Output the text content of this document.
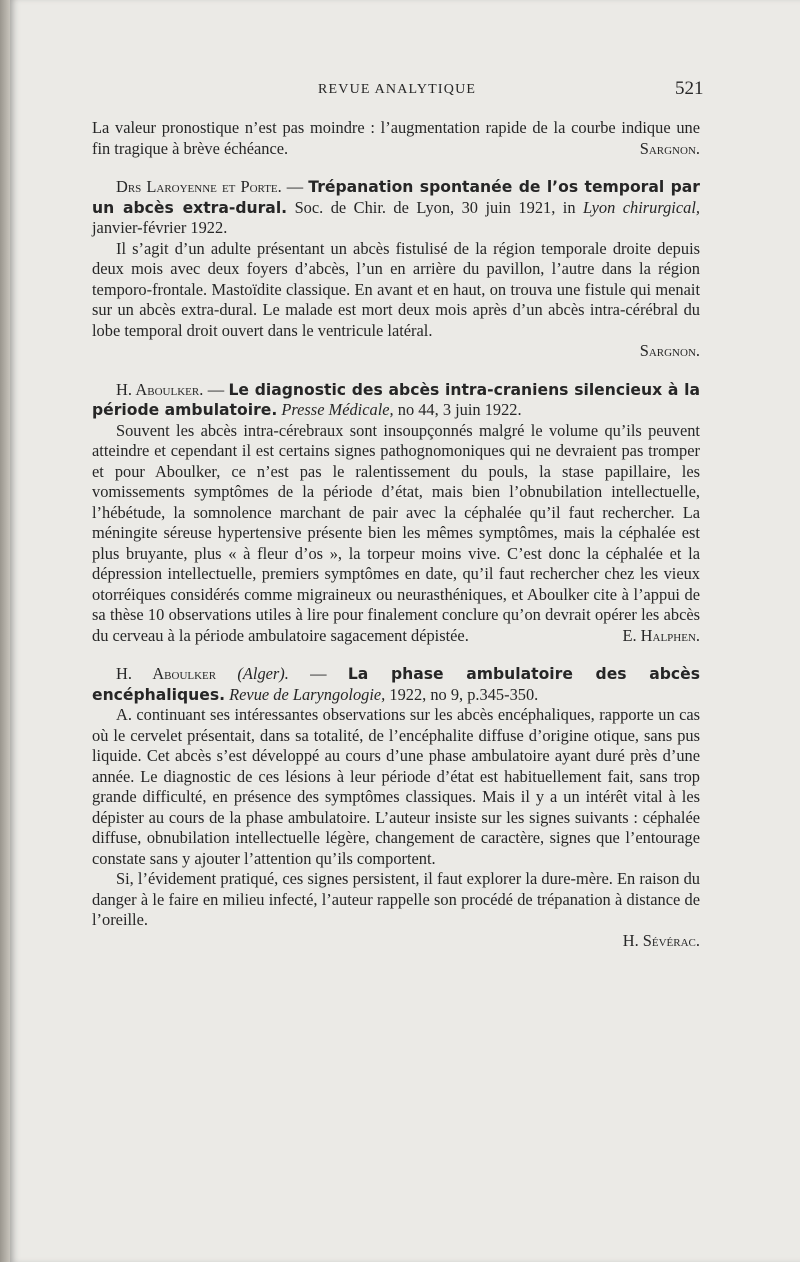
REVUE ANALYTIQUE	521

La valeur pronostique n’est pas moindre : l’augmentation rapide de la courbe indique une fin tragique à brève échéance.	Sargnon.

Drs Laroyenne et Porte. — Trépanation spontanée de l’os temporal par un abcès extra-dural. Soc. de Chir. de Lyon, 30 juin 1921, in Lyon chirurgical, janvier-février 1922.

Il s’agit d’un adulte présentant un abcès fistulisé de la région temporale droite depuis deux mois avec deux foyers d’abcès, l’un en arrière du pavillon, l’autre dans la région temporo-frontale. Mastoïdite classique. En avant et en haut, on trouva une fistule qui menait sur un abcès extra-dural. Le malade est mort deux mois après d’un abcès intra-cérébral du lobe temporal droit ouvert dans le ventricule latéral.

Sargnon.

H. Aboulker. — Le diagnostic des abcès intra-craniens silencieux à la période ambulatoire. Presse Médicale, no 44, 3 juin 1922.

Souvent les abcès intra-cérebraux sont insoupçonnés malgré le volume qu’ils peuvent atteindre et cependant il est certains signes pathognomoniques qui ne devraient pas tromper et pour Aboulker, ce n’est pas le ralentissement du pouls, la stase papillaire, les vomissements symptômes de la période d’état, mais bien l’obnubilation intellectuelle, l’hébétude, la somnolence marchant de pair avec la céphalée qu’il faut rechercher. La méningite séreuse hypertensive présente bien les mêmes symptômes, mais la céphalée est plus bruyante, plus « à fleur d’os », la torpeur moins vive. C’est donc la céphalée et la dépression intellectuelle, premiers symptômes en date, qu’il faut rechercher chez les vieux otorréiques considérés comme migraineux ou neurasthéniques, et Aboulker cite à l’appui de sa thèse 10 observations utiles à lire pour finalement conclure qu’on devrait opérer les abcès du cerveau à la période ambulatoire sagacement dépistée.	E. Halphen.

H. Aboulker (Alger). — La phase ambulatoire des abcès encéphaliques. Revue de Laryngologie, 1922, no 9, p.345-350.

A. continuant ses intéressantes observations sur les abcès encéphaliques, rapporte un cas où le cervelet présentait, dans sa totalité, de l’encéphalite diffuse d’origine otique, sans pus liquide. Cet abcès s’est développé au cours d’une phase ambulatoire ayant duré près d’une année. Le diagnostic de ces lésions à leur période d’état est habituellement fait, sans trop grande difficulté, en présence des symptômes classiques. Mais il y a un intérêt vital à les dépister au cours de la phase ambulatoire. L’auteur insiste sur les signes suivants : céphalée diffuse, obnubilation intellectuelle légère, changement de caractère, signes que l’entourage constate sans y ajouter l’attention qu’ils comportent.

Si, l’évidement pratiqué, ces signes persistent, il faut explorer la dure-mère. En raison du danger à le faire en milieu infecté, l’auteur rappelle son procédé de trépanation à distance de l’oreille.

H. Sévérac.
